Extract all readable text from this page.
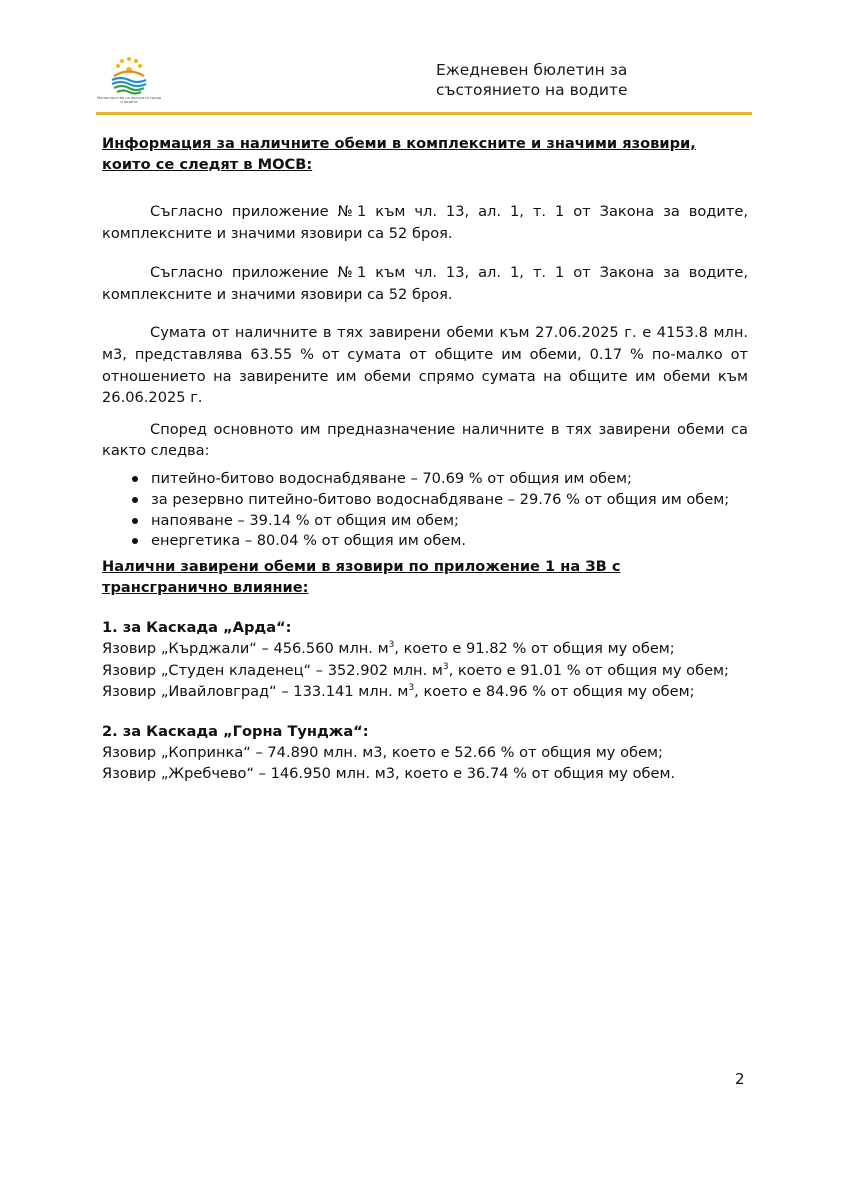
Министерство на околната среда и водите
Ежедневен бюлетин за
състоянието на водите
Информация за наличните обеми в комплексните и значими язовири, които се следят в МОСВ:

Съгласно приложение №1 към чл. 13, ал. 1, т. 1 от Закона за водите, комплексните и значими язовири са 52 броя.

Съгласно приложение №1 към чл. 13, ал. 1, т. 1 от Закона за водите, комплексните и значими язовири са 52 броя.

Сумата от наличните в тях завирени обеми към 27.06.2025 г. е 4153.8 млн. м3, представлява 63.55 % от сумата от общите им обеми, 0.17 % по-малко от отношението на завирените им обеми спрямо сумата на общите им обеми към 26.06.2025 г.

Според основното им предназначение наличните в тях завирени обеми са както следва:

питейно-битово водоснабдяване – 70.69 % от общия им обем;
за резервно питейно-битово водоснабдяване – 29.76 % от общия им обем;
напояване – 39.14 % от общия им обем;
енергетика – 80.04 % от общия им обем.
Налични завирени обеми в язовири по приложение 1 на ЗВ с трансгранично влияние:
1. за Каскада „Арда“:
Язовир „Кърджали“ – 456.560 млн. $м^3$, което е 91.82 % от общия му обем;
Язовир „Студен кладенец“ – 352.902 млн. $м^3$, което е 91.01 % от общия му обем;
Язовир „Ивайловград“ – 133.141 млн. $м^3$, което е 84.96 % от общия му обем;
2. за Каскада „Горна Тунджа“:
Язовир „Копринка“ – 74.890 млн. м3, което е 52.66 % от общия му обем;
Язовир „Жребчево“ – 146.950 млн. м3, което е 36.74 % от общия му обем.
2
